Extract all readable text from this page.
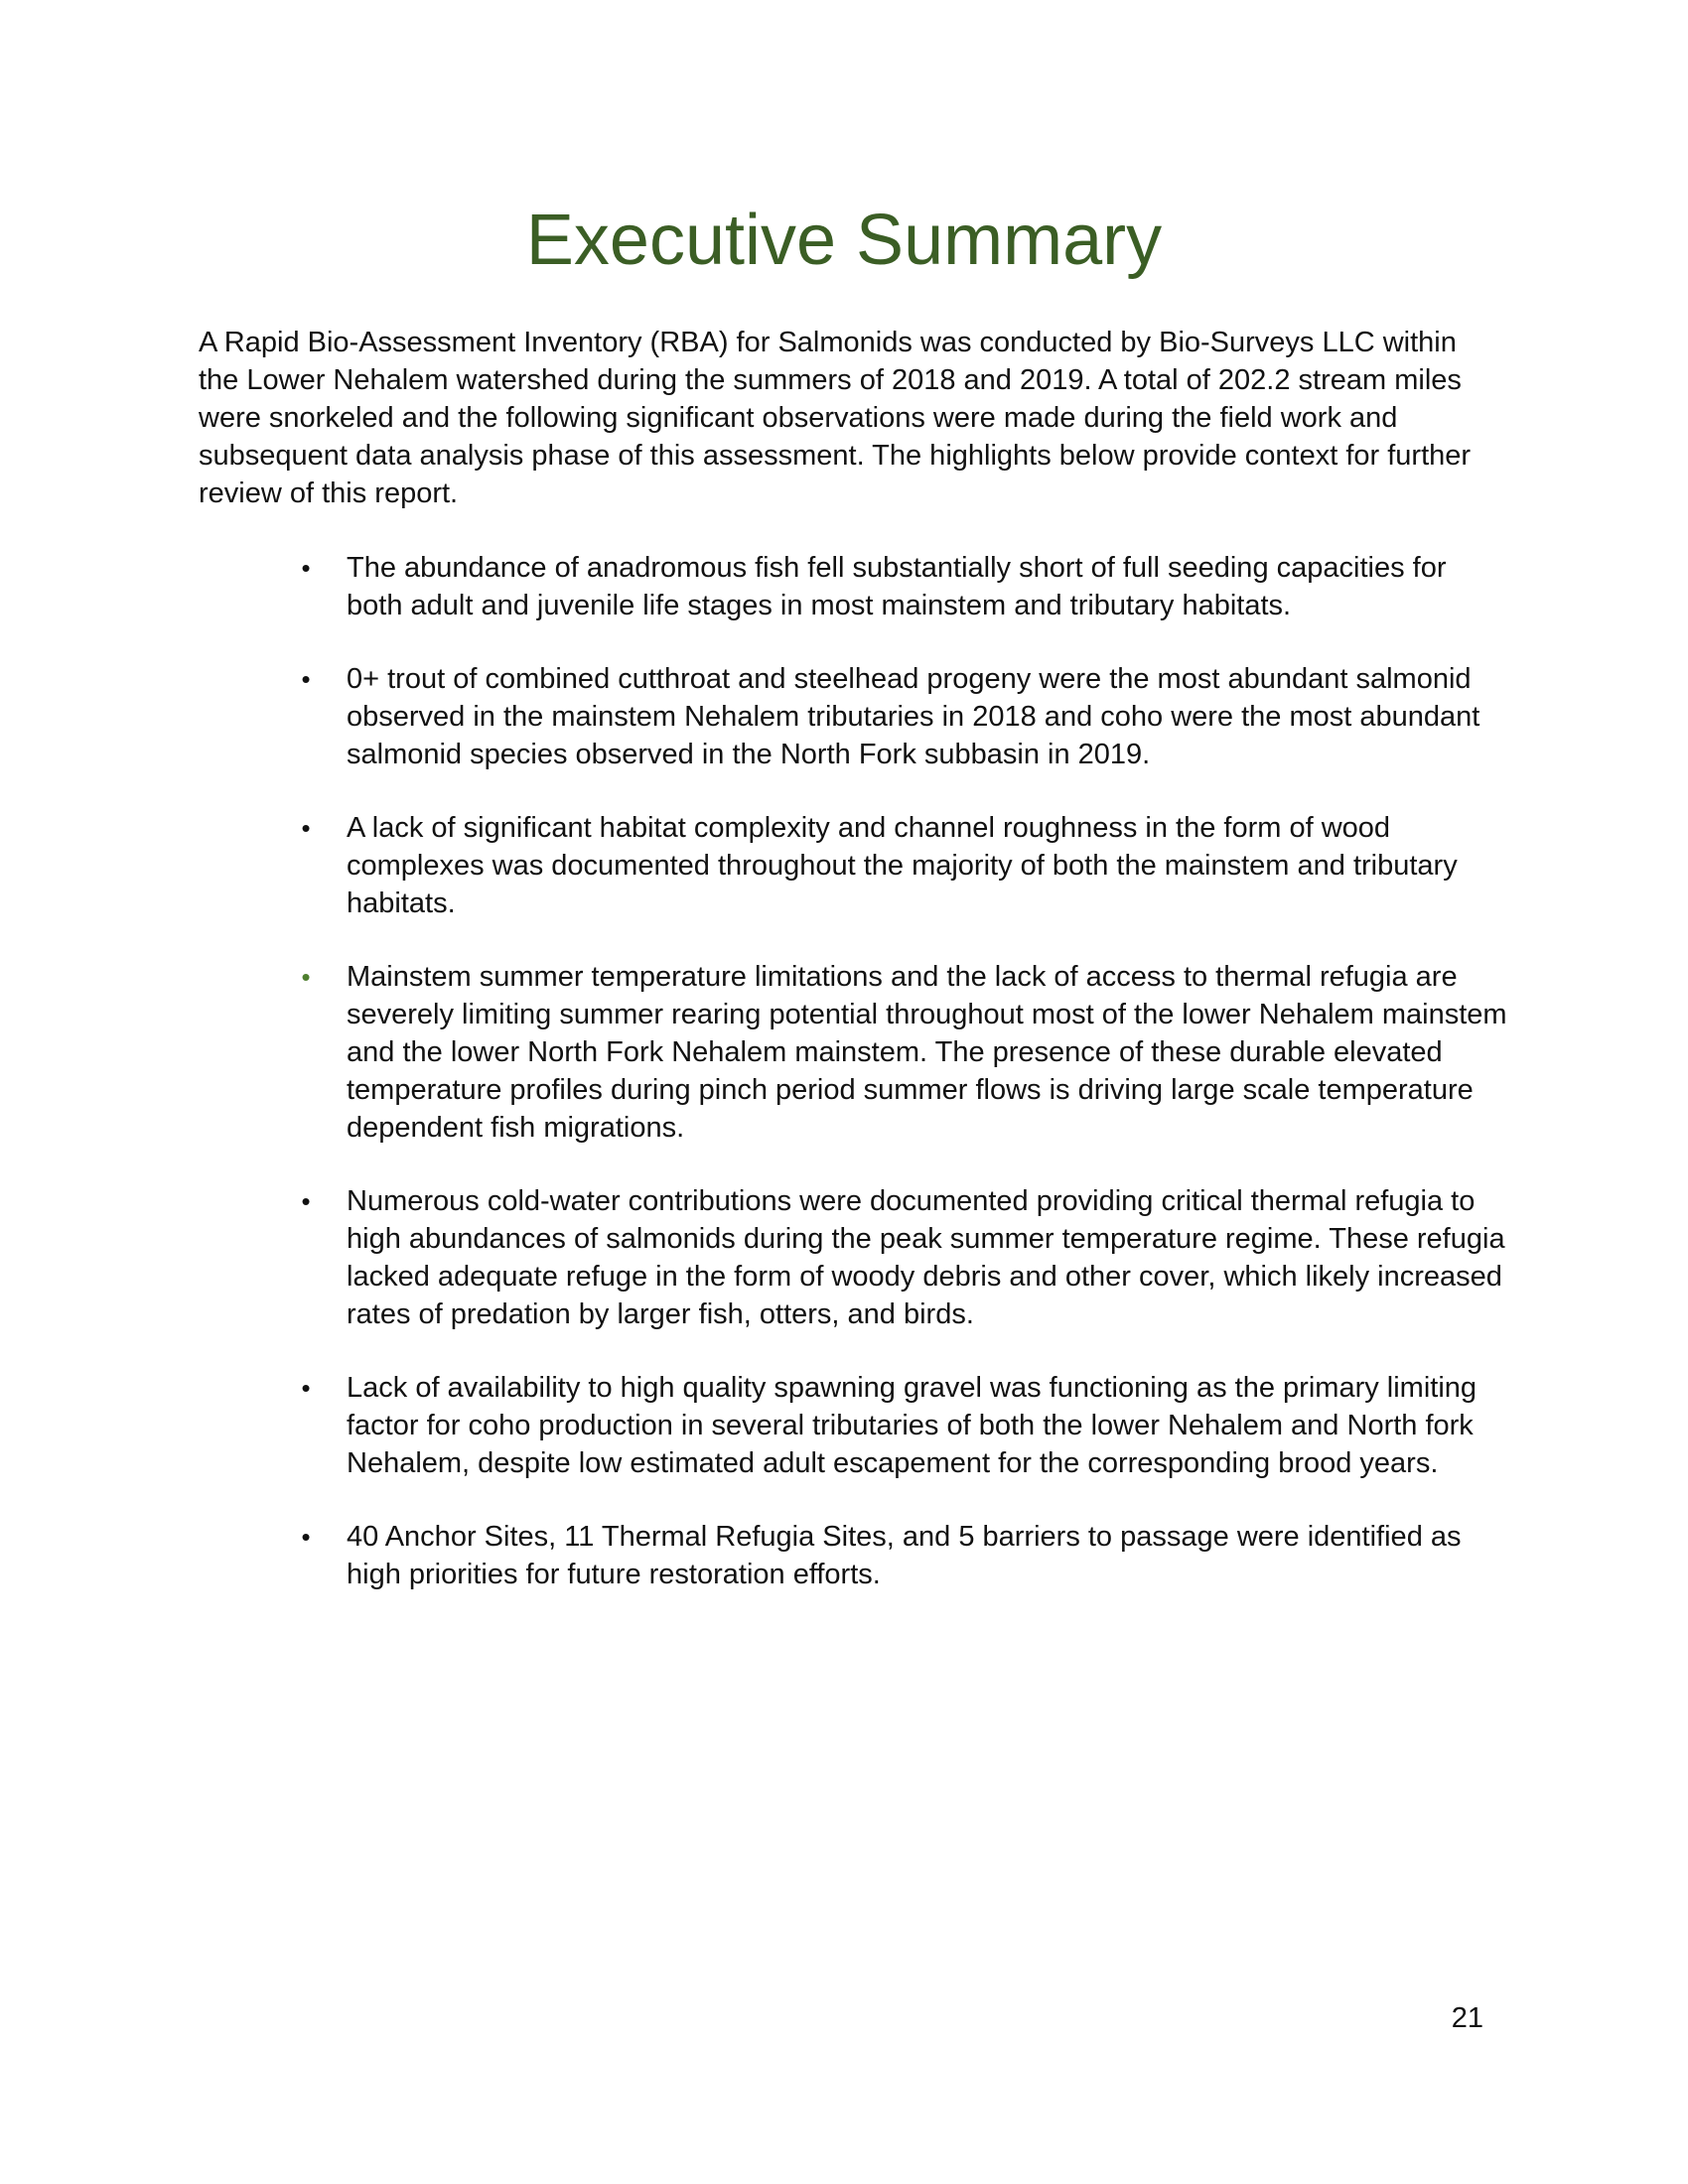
Executive Summary

A Rapid Bio-Assessment Inventory (RBA) for Salmonids was conducted by Bio-Surveys LLC within the Lower Nehalem watershed during the summers of 2018 and 2019. A total of 202.2 stream miles were snorkeled and the following significant observations were made during the field work and subsequent data analysis phase of this assessment. The highlights below provide context for further review of this report.

• The abundance of anadromous fish fell substantially short of full seeding capacities for both adult and juvenile life stages in most mainstem and tributary habitats.
• 0+ trout of combined cutthroat and steelhead progeny were the most abundant salmonid observed in the mainstem Nehalem tributaries in 2018 and coho were the most abundant salmonid species observed in the North Fork subbasin in 2019.
• A lack of significant habitat complexity and channel roughness in the form of wood complexes was documented throughout the majority of both the mainstem and tributary habitats.
• Mainstem summer temperature limitations and the lack of access to thermal refugia are severely limiting summer rearing potential throughout most of the lower Nehalem mainstem and the lower North Fork Nehalem mainstem. The presence of these durable elevated temperature profiles during pinch period summer flows is driving large scale temperature dependent fish migrations.
• Numerous cold-water contributions were documented providing critical thermal refugia to high abundances of salmonids during the peak summer temperature regime. These refugia lacked adequate refuge in the form of woody debris and other cover, which likely increased rates of predation by larger fish, otters, and birds.
• Lack of availability to high quality spawning gravel was functioning as the primary limiting factor for coho production in several tributaries of both the lower Nehalem and North fork Nehalem, despite low estimated adult escapement for the corresponding brood years.
• 40 Anchor Sites, 11 Thermal Refugia Sites, and 5 barriers to passage were identified as high priorities for future restoration efforts.
21
